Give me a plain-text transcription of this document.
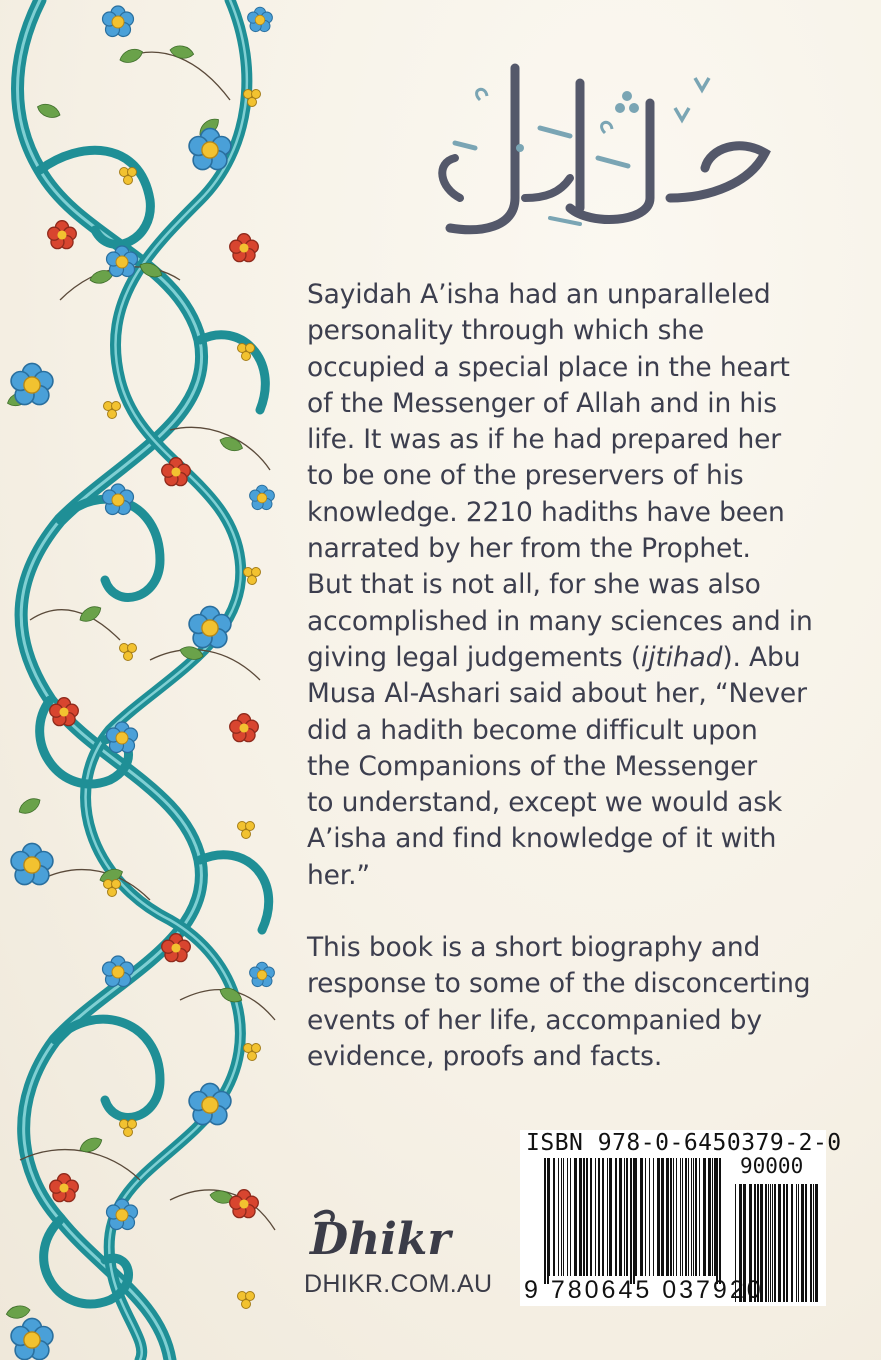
Sayidah A’isha had an unparalleled

personality through which she

occupied a special place in the heart

of the Messenger of Allah and in his

life. It was as if he had prepared her

to be one of the preservers of his

knowledge. 2210 hadiths have been

narrated by her from the Prophet.

But that is not all, for she was also

accomplished in many sciences and in

giving legal judgements (ijtihad). Abu

Musa Al-Ashari said about her, “Never

did a hadith become difficult upon

the Companions of the Messenger

to understand, except we would ask

A’isha and find knowledge of it with

her.”

This book is a short biography and

response to some of the disconcerting

events of her life, accompanied by

evidence, proofs and facts.

ISBN 978-0-6450379-2-0
90000
9 780645 037920
Dhikr
DHIKR.COM.AU
